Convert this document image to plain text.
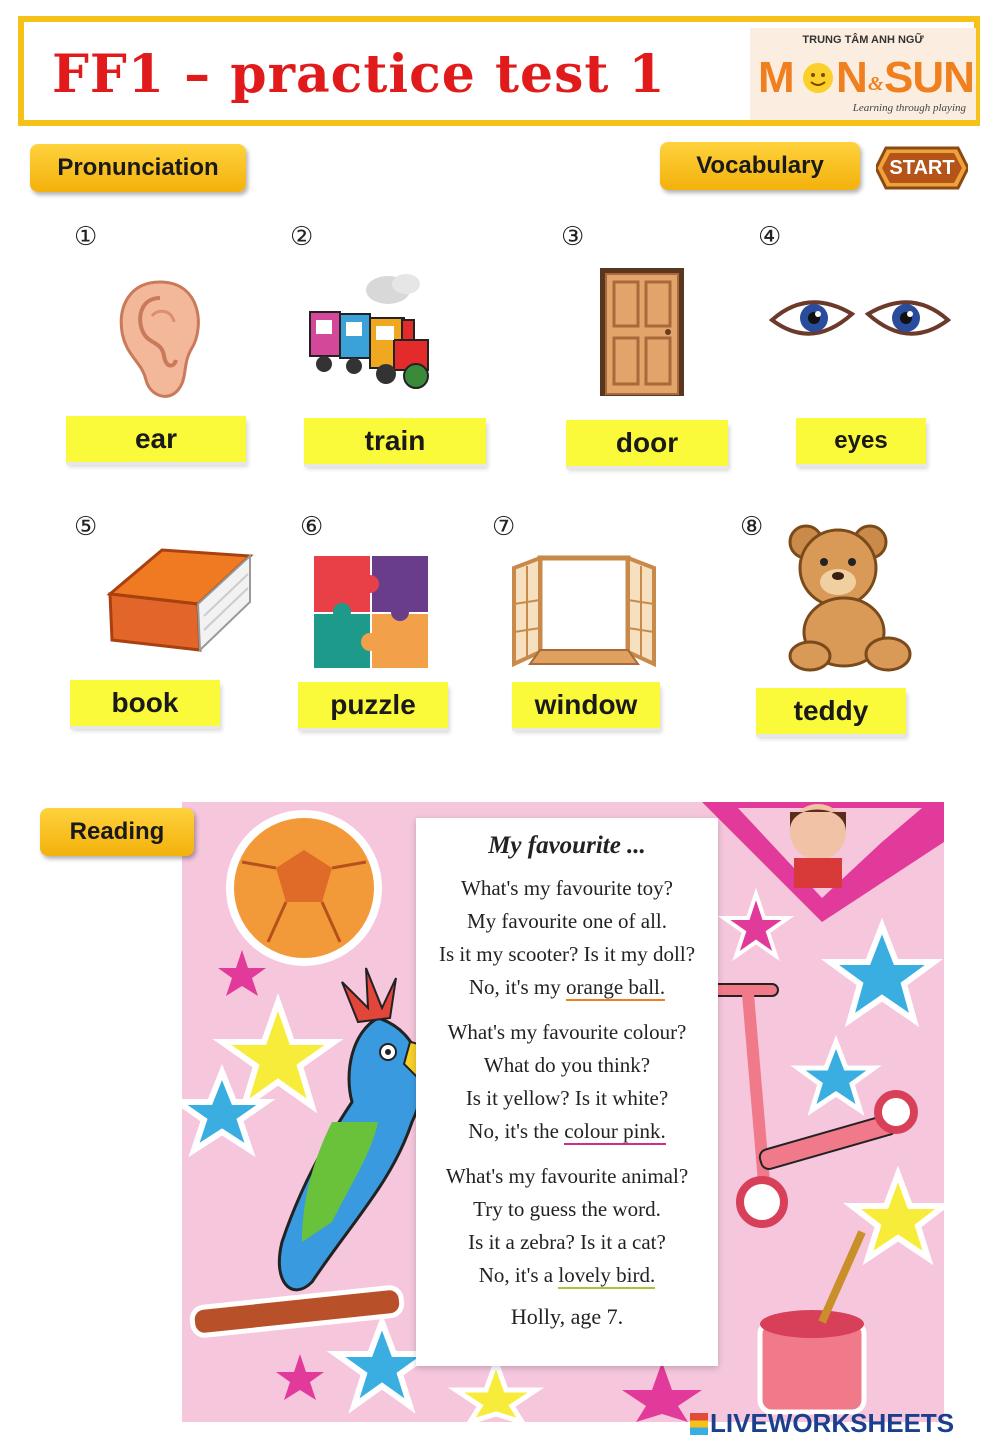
FF1 – practice test 1
TRUNG TÂM ANH NGỮ
M N & SUN
Learning through playing
Pronunciation	Vocabulary	START
①	②	③	④
ear	train	door	eyes
⑤	⑥	⑦	⑧
book	puzzle	window	teddy
Reading
My favourite ...
What's my favourite toy?
My favourite one of all.
Is it my scooter? Is it my doll?
No, it's my orange ball.
What's my favourite colour?
What do you think?
Is it yellow? Is it white?
No, it's the colour pink.
What's my favourite animal?
Try to guess the word.
Is it a zebra? Is it a cat?
No, it's a lovely bird.
Holly, age 7.
LIVEWORKSHEETS
